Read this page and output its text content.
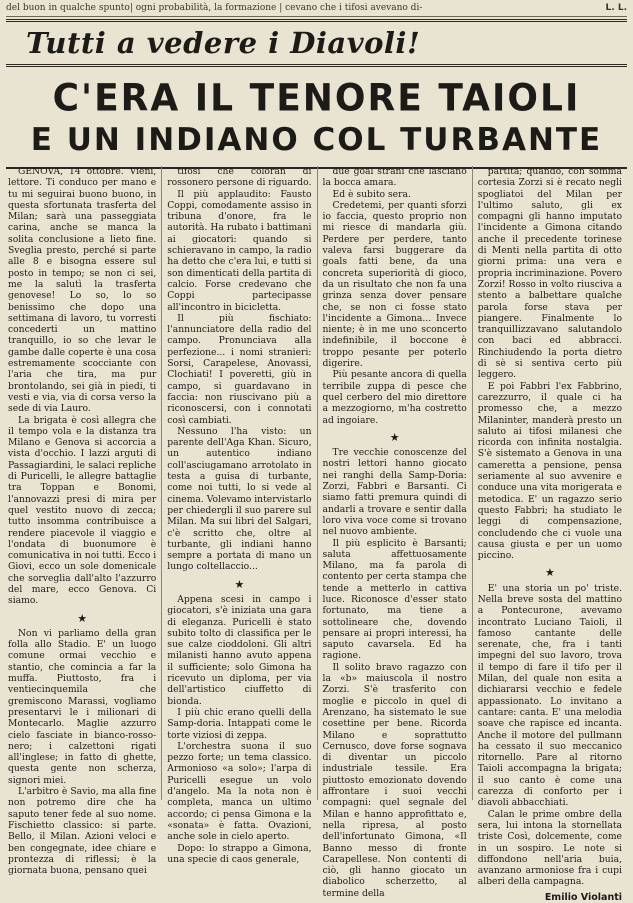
del buon in qualche spunto| ogni probabilità, la formazione | cevano che i tifosi avevano di-	L. L.
Tutti a vedere i Diavoli!
C'ERA IL TENORE TAIOLI
E UN INDIANO COL TURBANTE

GENOVA, 14 ottobre. Vieni, lettore. Ti conduco per mano e tu mi seguirai buono buono, in questa sfortunata trasferta del Milan; sarà una passeggiata carina, anche se manca la solita conclusione a lieto fine. Sveglia presto, perché si parte alle 8 e bisogna essere sul posto in tempo; se non ci sei, me la salutì la trasferta genovese! Lo so, lo so benissimo che dopo una settimana di lavoro, tu vorresti concederti un mattino tranquillo, io so che levar le gambe dalle coperte è una cosa estremamente scocciante con l'aria che tira, ma pur brontolando, sei già in piedi, ti vesti e via, via di corsa verso la sede di via Lauro.

La brigata è così allegra che il tempo vola e la distanza tra Milano e Genova si accorcia a vista d'occhio. I lazzi arguti di Passagiardini, le salaci repliche di Puricelli, le allegre battaglie tra Toppan e Bonomi, l'annovazzi presi di mira per quel vestito nuovo di zecca; tutto insomma contribuisce a rendere piacevole il viaggio e l'ondata di buonumore è comunicativa in noi tutti. Ecco i Giovi, ecco un sole domenicale che sorveglia dall'alto l'azzurro del mare, ecco Genova. Ci siamo.

★

Non vi parliamo della gran folla allo Stadio. E' un luogo comune ormai vecchio e stantio, che comincia a far la muffa. Piuttosto, fra i ventiecinquemila che gremiscono Marassi, vogliamo presentarvi le i milionari di Montecarlo. Maglie azzurro cielo fasciate in bianco-rosso-nero; i calzettoni rigati all'inglese; in fatto di ghette, questa gente non scherza, signori miei.

L'arbitro è Savio, ma alla fine non potremo dire che ha saputo tener fede al suo nome. Fischietto classico: si parte. Bello, il Milan. Azioni veloci e ben congegnate, idee chiare e prontezza di riflessi; è la giornata buona, pensano quei

tifosi che coloran di rossonero persone di riguardo.

Il più applaudito: Fausto Coppi, comodamente assiso in tribuna d'onore, fra le autorità. Ha rubato i battimani ai giocatori: quando si schieravano in campo, la radio ha detto che c'era lui, e tutti si son dimenticati della partita di calcio. Forse credevano che Coppi partecipasse all'incontro in bicicletta.

Il più fischiato: l'annunciatore della radio del campo. Pronunciava alla perfezione... i nomi stranieri: Sorsi, Carapelese, Anovassi, Clochiati! I poveretti, giù in campo, si guardavano in faccia: non riuscivano più a riconoscersi, con i connotati così cambiati.

Nessuno l'ha visto: un parente dell'Aga Khan. Sicuro, un autentico indiano coll'asciugamano arrotolato in testa a guisa di turbante, come noi tutti, lo si vede al cinema. Volevamo intervistarlo per chiedergli il suo parere sul Milan. Ma sui libri del Salgari, c'è scritto che, oltre al turbante, gli indiani hanno sempre a portata di mano un lungo coltellaccio...

★

Appena scesi in campo i giocatori, s'è iniziata una gara di eleganza. Puricelli è stato subito tolto di classifica per le sue calze cioddoloni. Gli altri milanisti hanno avuto appena il sufficiente; solo Gimona ha ricevuto un diploma, per via dell'artistico ciuffetto di bionda.

I più chic erano quelli della Samp-doria. Intappati come le torte viziosi di zeppa.

L'orchestra suona il suo pezzo forte; un tema classico. Armonioso «a solo»; l'arpa di Puricelli esegue un volo d'angelo. Ma la nota non è completa, manca un ultimo accordo; ci pensa Gimona e la «sonata» è fatta. Ovazioni, anche sole in cielo aperto.

Dopo: lo strappo a Gimona, una specie di caos generale,

due goal strani che lasciano la bocca amara.

Ed è subito sera.

Credetemi, per quanti sforzi io faccia, questo proprio non mi riesce di mandarla giù. Perdere per perdere, tanto valeva farsi buggerare da goals fatti bene, da una concreta superiorità di gioco, da un risultato che non fa una grinza senza dover pensare che, se non ci fosse stato l'incidente a Gimona... Invece niente; è in me uno sconcerto indefinibile, il boccone è troppo pesante per poterlo digerire.

Più pesante ancora di quella terribile zuppa di pesce che quel cerbero del mio direttore a mezzogiorno, m'ha costretto ad ingoiare.

★

Tre vecchie conoscenze del nostri lettori hanno giocato nei ranghi della Samp-Doria: Zorzi, Fabbri e Barsanti. Ci siamo fatti premura quindi di andarli a trovare e sentir dalla loro viva voce come si trovano nel nuovo ambiente.

Il più esplicito è Barsanti; saluta affettuosamente Milano, ma fa parola di contento per certa stampa che tende a metterlo in cattiva luce. Riconosce d'esser stato fortunato, ma tiene a sottolineare che, dovendo pensare ai propri interessi, ha saputo cavarsela. Ed ha ragione.

Il solito bravo ragazzo con la «b» maiuscola il nostro Zorzi. S'è trasferito con moglie e piccolo in quel di Arenzano, ha sistemato le sue cosettine per bene. Ricorda Milano e soprattutto Cernusco, dove forse sognava di diventar un piccolo industriale tessile. Era piuttosto emozionato dovendo affrontare i suoi vecchi compagni: quel segnale del Milan e hanno approfittato e, nella ripresa, al posto dell'infortunato Gimona, «Il Banno messo di fronte Carapellese. Non contenti di ciò, gli hanno giocato un diabolico scherzetto, al termine della

partita; quando, con somma cortesia Zorzi si è recato negli spogliatoi del Milan per l'ultimo saluto, gli ex compagni gli hanno imputato l'incidente a Gimona citando anche il precedente torinese di Menti nella partita di otto giorni prima: una vera e propria incriminazione. Povero Zorzi! Rosso in volto riusciva a stento a balbettare qualche parola forse stava per piangere. Finalmente lo tranquillizzavano salutandolo con baci ed abbracci. Rinchiudendo la porta dietro di sè si sentiva certo più leggero.

E poi Fabbri l'ex Fabbrino, carezzurro, il quale ci ha promesso che, a mezzo Milaninter, manderà presto un saluto ai tifosi milanesi che ricorda con infinita nostalgia. S'è sistemato a Genova in una cameretta a pensione, pensa seriamente al suo avvenire e conduce una vita morigerata e metodica. E' un ragazzo serio questo Fabbri; ha studiato le leggi di compensazione, concludendo che ci vuole una causa giusta e per un uomo piccino.

★

E' una storia un po' triste. Nella breve sosta del mattino a Pontecurone, avevamo incontrato Luciano Taioli, il famoso cantante delle serenate, che, fra i tanti impegni del suo lavoro, trova il tempo di fare il tifo per il Milan, del quale non esita a dichiararsi vecchio e fedele appassionato. Lo invitano a cantare: canta. E' una melodia soave che rapisce ed incanta. Anche il motore del pullmann ha cessato il suo meccanico ritornello. Pare al ritorno Taioli accompagna la brigata; il suo canto è come una carezza di conforto per i diavoli abbacchiati.

Calan le prime ombre della sera, lui intona la stornellata triste Così, dolcemente, come in un sospiro. Le note si diffondono nell'aria buia, avanzano armoniose fra i cupi alberi della campagna.

Emilio Violanti
